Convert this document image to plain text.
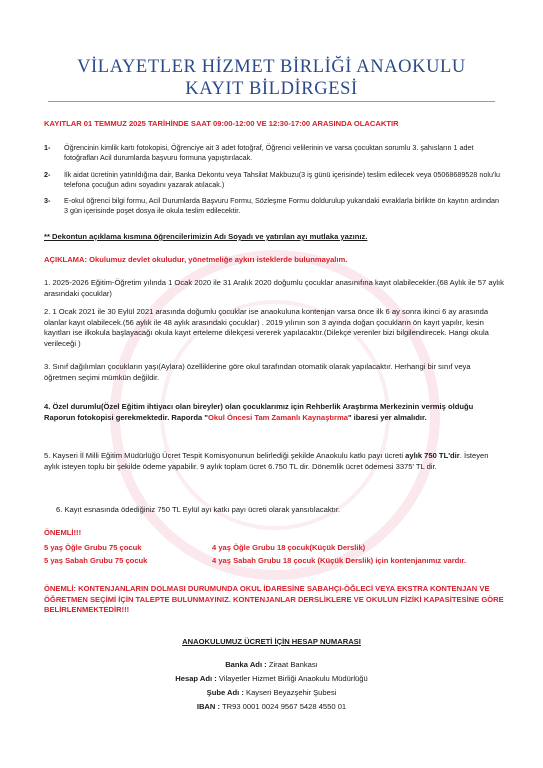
VİLAYETLER HİZMET BİRLİĞİ ANAOKULU
KAYIT BİLDİRGESİ
KAYITLAR 01 TEMMUZ 2025 TARİHİNDE SAAT 09:00-12:00 VE 12:30-17:00 ARASINDA OLACAKTIR
1- Öğrencinin kimlik kartı fotokopisi, Öğrenciye ait 3 adet fotoğraf, Öğrenci velilerinin ve varsa çocuktan sorumlu 3. şahısların 1 adet fotoğrafları Acil durumlarda başvuru formuna yapıştırılacak.
2- İlk aidat ücretinin yatırıldığına dair, Banka Dekontu veya Tahsilat Makbuzu(3 iş günü içerisinde) teslim edilecek veya 05068689528 nolu'lu telefona çocuğun adını soyadını yazarak atılacak.)
3- E-okul öğrenci bilgi formu, Acil Durumlarda Başvuru Formu, Sözleşme Formu doldurulup yukarıdaki evraklarla birlikte ön kayıtın ardından 3 gün içerisinde poşet dosya ile okula teslim edilecektir.
** Dekontun açıklama kısmına öğrencilerimizin Adı Soyadı ve yatırılan ayı mutlaka yazınız.
AÇIKLAMA: Okulumuz devlet okuludur, yönetmeliğe aykırı isteklerde bulunmayalım.
1. 2025-2026 Eğitim-Öğretim yılında 1 Ocak 2020 ile 31 Aralık 2020 doğumlu çocuklar anasınıfına kayıt olabilecekler.(68 Aylık ile 57 aylık arasındaki çocuklar)
2. 1 Ocak 2021 ile 30 Eylül 2021 arasında doğumlu çocuklar ise anaokuluna kontenjan varsa önce ilk 6 ay sonra ikinci 6 ay arasında olanlar kayıt olabilecek.(56 aylık ile 48 aylık arasındaki çocuklar) . 2019 yılının son 3 ayında doğan çocukların ön kayıt yapılır, kesin kayıtları ise ilkokula başlayacağı okula kayıt erteleme dilekçesi vererek yapılacaktır.(Dilekçe verenler bizi bilgilendirecek. Hangi okula verileceği )
3. Sınıf dağılımları çocukların yaşı(Aylara) özelliklerine göre okul tarafından otomatik olarak yapılacaktır. Herhangi bir sınıf veya öğretmen seçimi mümkün değildir.
4. Özel durumlu(Özel Eğitim ihtiyacı olan bireyler) olan çocuklarımız için Rehberlik Araştırma Merkezinin vermiş olduğu Raporun fotokopisi gerekmektedir. Raporda "Okul Öncesi Tam Zamanlı Kaynaştırma" ibaresi yer almalıdır.
5. Kayseri İl Milli Eğitim Müdürlüğü Ücret Tespit Komisyonunun belirlediği şekilde Anaokulu katkı payı ücreti aylık 750 TL'dir. İsteyen aylık isteyen toplu bir şekilde ödeme yapabilir. 9 aylık toplam ücret 6.750 TL dir. Dönemlik ücret ödemesi 3375' TL dir.
6. Kayıt esnasında ödediğiniz 750 TL Eylül ayı katkı payı ücreti olarak yansıtılacaktır.
ÖNEMLİ!!!
5 yaş Öğle Grubu 75 çocuk	4 yaş Öğle Grubu 18 çocuk(Küçük Derslik)
5 yaş Sabah Grubu 75 çocuk	4 yaş Sabah Grubu 18 çocuk (Küçük Derslik) için kontenjanımız vardır.
ÖNEMLİ: KONTENJANLARIN DOLMASI DURUMUNDA OKUL İDARESİNE SABAHÇI-ÖĞLECİ VEYA EKSTRA KONTENJAN VE ÖĞRETMEN SEÇİMİ İÇİN TALEPTE BULUNMAYINIZ. KONTENJANLAR DERSLİKLERE VE OKULUN FİZİKİ KAPASİTESİNE GÖRE BELİRLENMEKTEDİR!!!
ANAOKULUMUZ ÜCRETİ İÇİN HESAP NUMARASI
Banka Adı : Ziraat Bankası
Hesap Adı : Vilayetler Hizmet Birliği Anaokulu Müdürlüğü
Şube Adı : Kayseri Beyazşehir Şubesi
IBAN : TR93 0001 0024 9567 5428 4550 01
